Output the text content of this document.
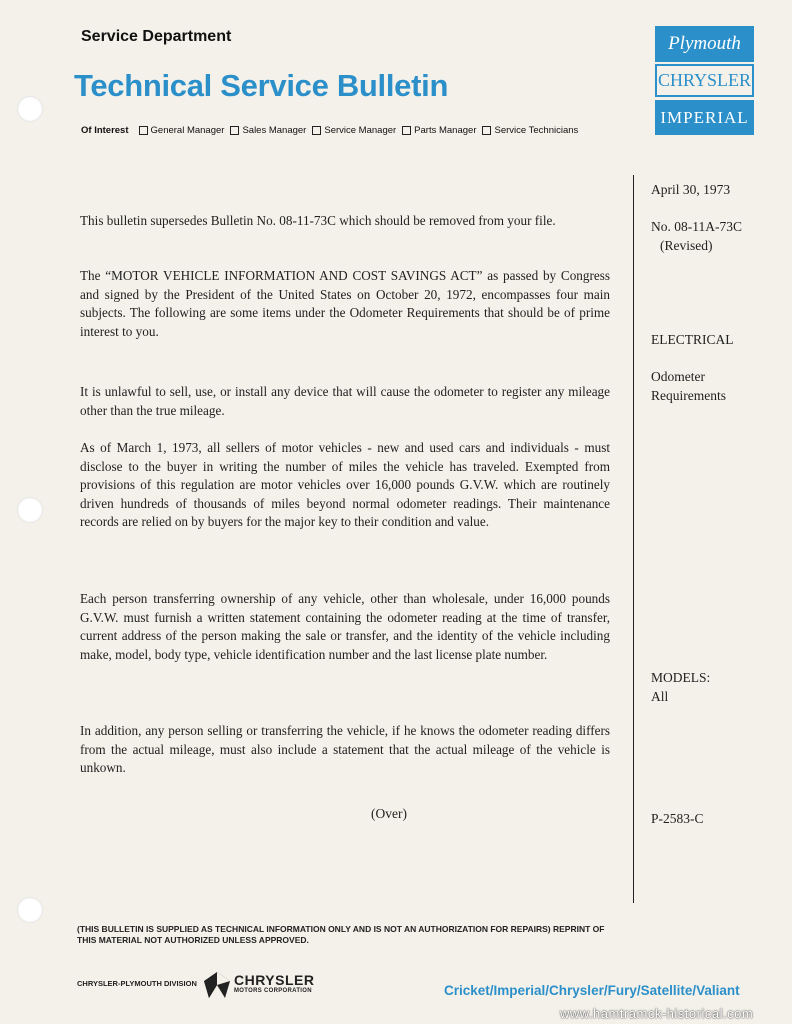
Service Department
Technical Service Bulletin
Of Interest General Manager Sales Manager Service Manager Parts Manager Service Technicians
Plymouth
CHRYSLER
IMPERIAL
April 30, 1973
No. 08-11A-73C
(Revised)
ELECTRICAL
Odometer
Requirements
MODELS:
All
P-2583-C

This bulletin supersedes Bulletin No. 08-11-73C which should be removed from your file.

The “MOTOR VEHICLE INFORMATION AND COST SAVINGS ACT” as passed by Congress and signed by the President of the United States on October 20, 1972, encompasses four main subjects. The following are some items under the Odometer Requirements that should be of prime interest to you.

It is unlawful to sell, use, or install any device that will cause the odometer to register any mileage other than the true mileage.

As of March 1, 1973, all sellers of motor vehicles - new and used cars and individuals - must disclose to the buyer in writing the number of miles the vehicle has traveled. Exempted from provisions of this regulation are motor vehicles over 16,000 pounds G.V.W. which are routinely driven hundreds of thousands of miles beyond normal odometer readings. Their maintenance records are relied on by buyers for the major key to their condition and value.

Each person transferring ownership of any vehicle, other than wholesale, under 16,000 pounds G.V.W. must furnish a written statement containing the odometer reading at the time of transfer, current address of the person making the sale or transfer, and the identity of the vehicle including make, model, body type, vehicle identification number and the last license plate number.

In addition, any person selling or transferring the vehicle, if he knows the odometer reading differs from the actual mileage, must also include a statement that the actual mileage of the vehicle is unkown.

(Over)
(THIS BULLETIN IS SUPPLIED AS TECHNICAL INFORMATION ONLY AND IS NOT AN AUTHORIZATION FOR REPAIRS) REPRINT OF THIS MATERIAL NOT AUTHORIZED UNLESS APPROVED.
CHRYSLER-PLYMOUTH DIVISION	CHRYSLER
MOTORS CORPORATION	Cricket/Imperial/Chrysler/Fury/Satellite/Valiant
www.hamtramck-historical.com
